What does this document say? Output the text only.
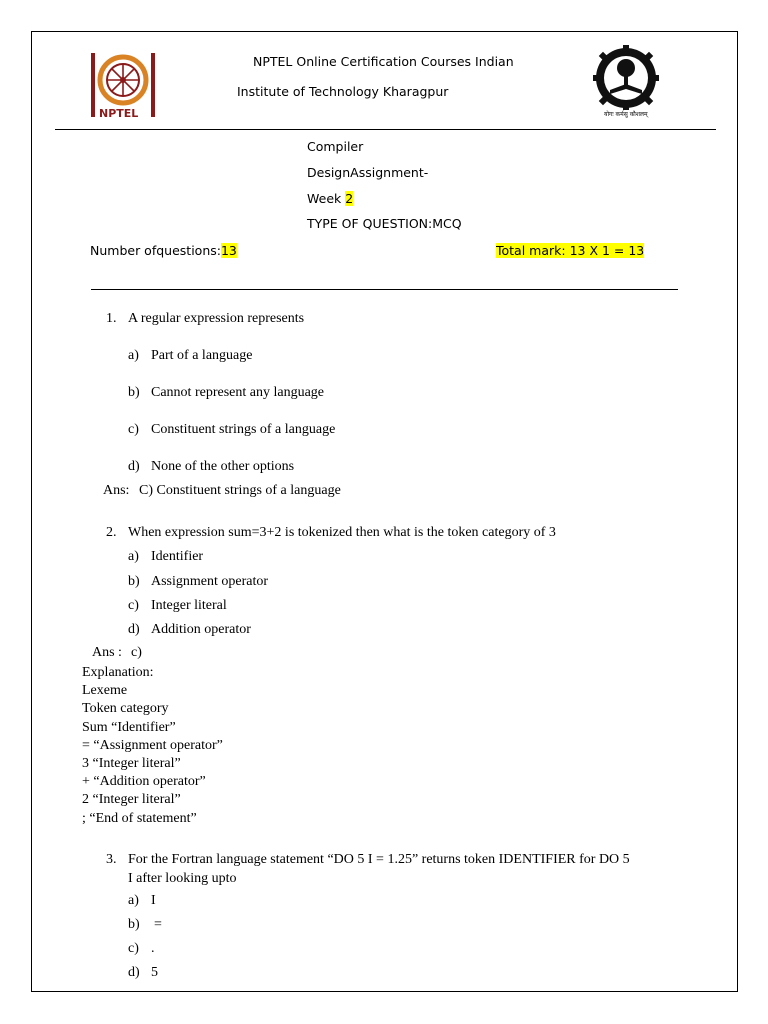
NPTEL	योगः कर्मसु कौशलम्
NPTEL Online Certification Courses Indian
Institute of Technology Kharagpur
Compiler
DesignAssignment-
Week 2
TYPE OF QUESTION:MCQ
Number ofquestions:13	Total mark: 13 X 1 = 13
1. A regular expression represents
a) Part of a language
b) Cannot represent any language
c) Constituent strings of a language
d) None of the other options
Ans: C) Constituent strings of a language
2. When expression sum=3+2 is tokenized then what is the token category of 3
a) Identifier
b) Assignment operator
c) Integer literal
d) Addition operator
Ans : c)
Explanation:
Lexeme
Token category
Sum “Identifier”
= “Assignment operator”
3 “Integer literal”
+ “Addition operator”
2 “Integer literal”
; “End of statement”
3. For the Fortran language statement “DO 5 I = 1.25” returns token IDENTIFIER for DO 5
I after looking upto
a) I
b) =
c) .
d) 5
